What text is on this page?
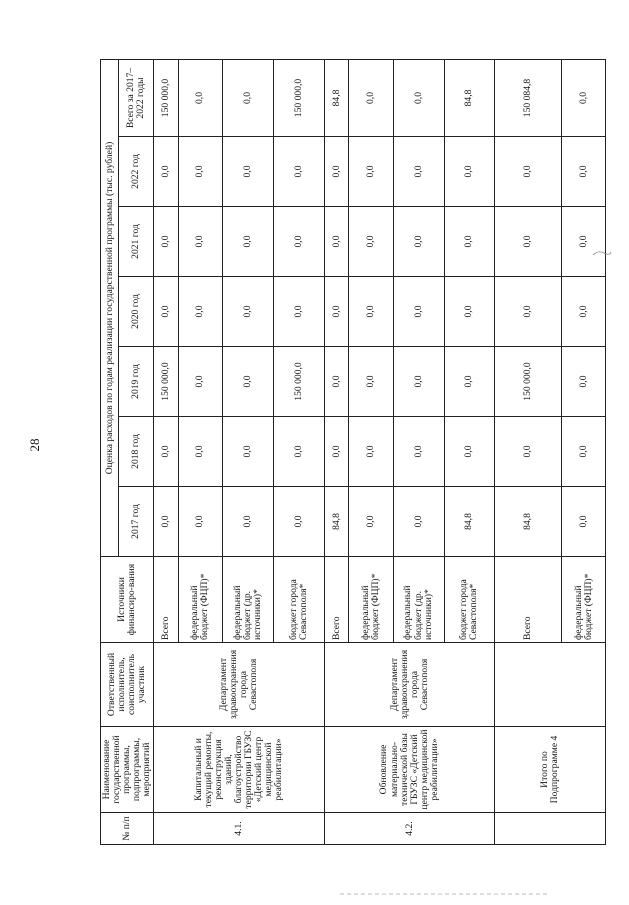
28
№ п/п	Наименование государственной программы, подпрограммы, мероприятий	Ответственный исполнитель, соисполнитель участник	Источники финансиро-вания	Оценка расходов по годам реализации государственной программы (тыс. рублей)						
				2017 год	2018 год	2019 год	2020 год	2021 год	2022 год	Всего за 2017–2022 годы
4.1.	Капитальный и текущий ремонты, реконструкция зданий, благоустройство территории ГБУЗС «Детский центр медицинской реабилитации»	Департамент здравоохранения города Севастополя	Всего	0,0	0,0	150 000,0	0,0	0,0	0,0	150 000,0
			федеральный бюджет (ФЦП)*	0,0	0,0	0,0	0,0	0,0	0,0	0,0
			федеральный бюджет (др. источники)*	0,0	0,0	0,0	0,0	0,0	0,0	0,0
			бюджет города Севастополя*	0,0	0,0	150 000,0	0,0	0,0	0,0	150 000,0
4.2.	Обновление материально-технической базы ГБУЗС «Детский центр медицинской реабилитации»	Департамент здравоохранения города Севастополя	Всего	84,8	0,0	0,0	0,0	0,0	0,0	84,8
			федеральный бюджет (ФЦП)*	0,0	0,0	0,0	0,0	0,0	0,0	0,0
			федеральный бюджет (др. источники)*	0,0	0,0	0,0	0,0	0,0	0,0	0,0
			бюджет города Севастополя*	84,8	0,0	0,0	0,0	0,0	0,0	84,8
	Итого по Подпрограмме 4		Всего	84,8	0,0	150 000,0	0,0	0,0	0,0	150 084,8
			федеральный бюджет (ФЦП)*	0,0	0,0	0,0	0,0	0,0	0,0	0,0
